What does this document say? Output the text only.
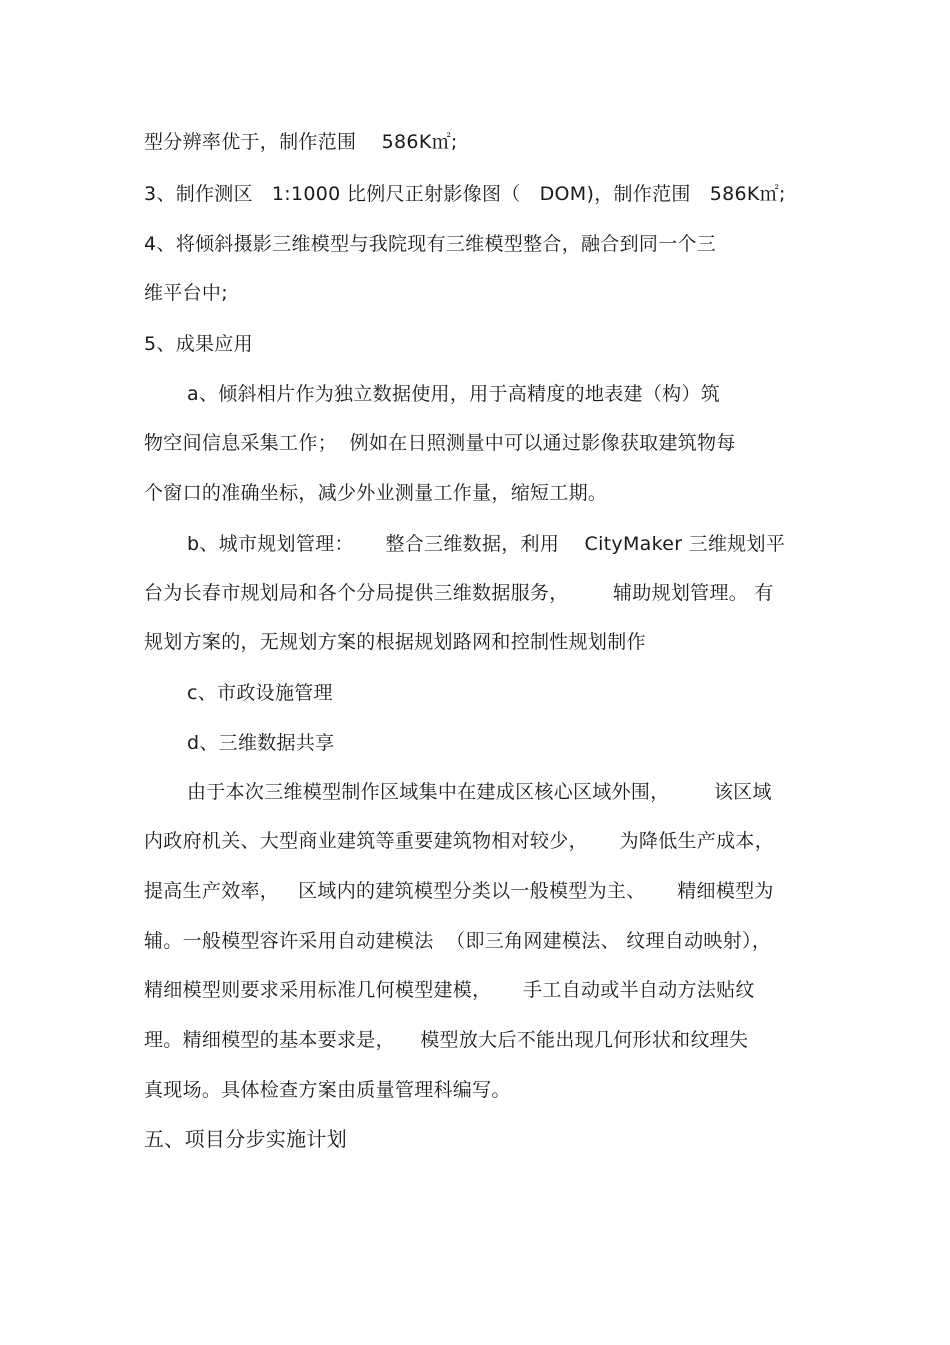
型分辨率优于，制作范围    586K㎡;
3、制作测区   1:1000 比例尺正射影像图（   DOM)，制作范围   586K㎡;
4、将倾斜摄影三维模型与我院现有三维模型整合，融合到同一个三
维平台中;
5、成果应用
a、倾斜相片作为独立数据使用，用于高精度的地表建（构）筑
物空间信息采集工作；  例如在日照测量中可以通过影像获取建筑物每
个窗口的准确坐标，减少外业测量工作量，缩短工期。
b、城市规划管理：     整合三维数据，利用    CityMaker 三维规划平
台为长春市规划局和各个分局提供三维数据服务，       辅助规划管理。 有
规划方案的，无规划方案的根据规划路网和控制性规划制作
c、市政设施管理
d、三维数据共享
由于本次三维模型制作区域集中在建成区核心区域外围，       该区域
内政府机关、大型商业建筑等重要建筑物相对较少，     为降低生产成本，
提高生产效率，   区域内的建筑模型分类以一般模型为主、     精细模型为
辅。一般模型容许采用自动建模法  （即三角网建模法、 纹理自动映射），
精细模型则要求采用标准几何模型建模，     手工自动或半自动方法贴纹
理。精细模型的基本要求是，    模型放大后不能出现几何形状和纹理失
真现场。具体检查方案由质量管理科编写。
五、项目分步实施计划
